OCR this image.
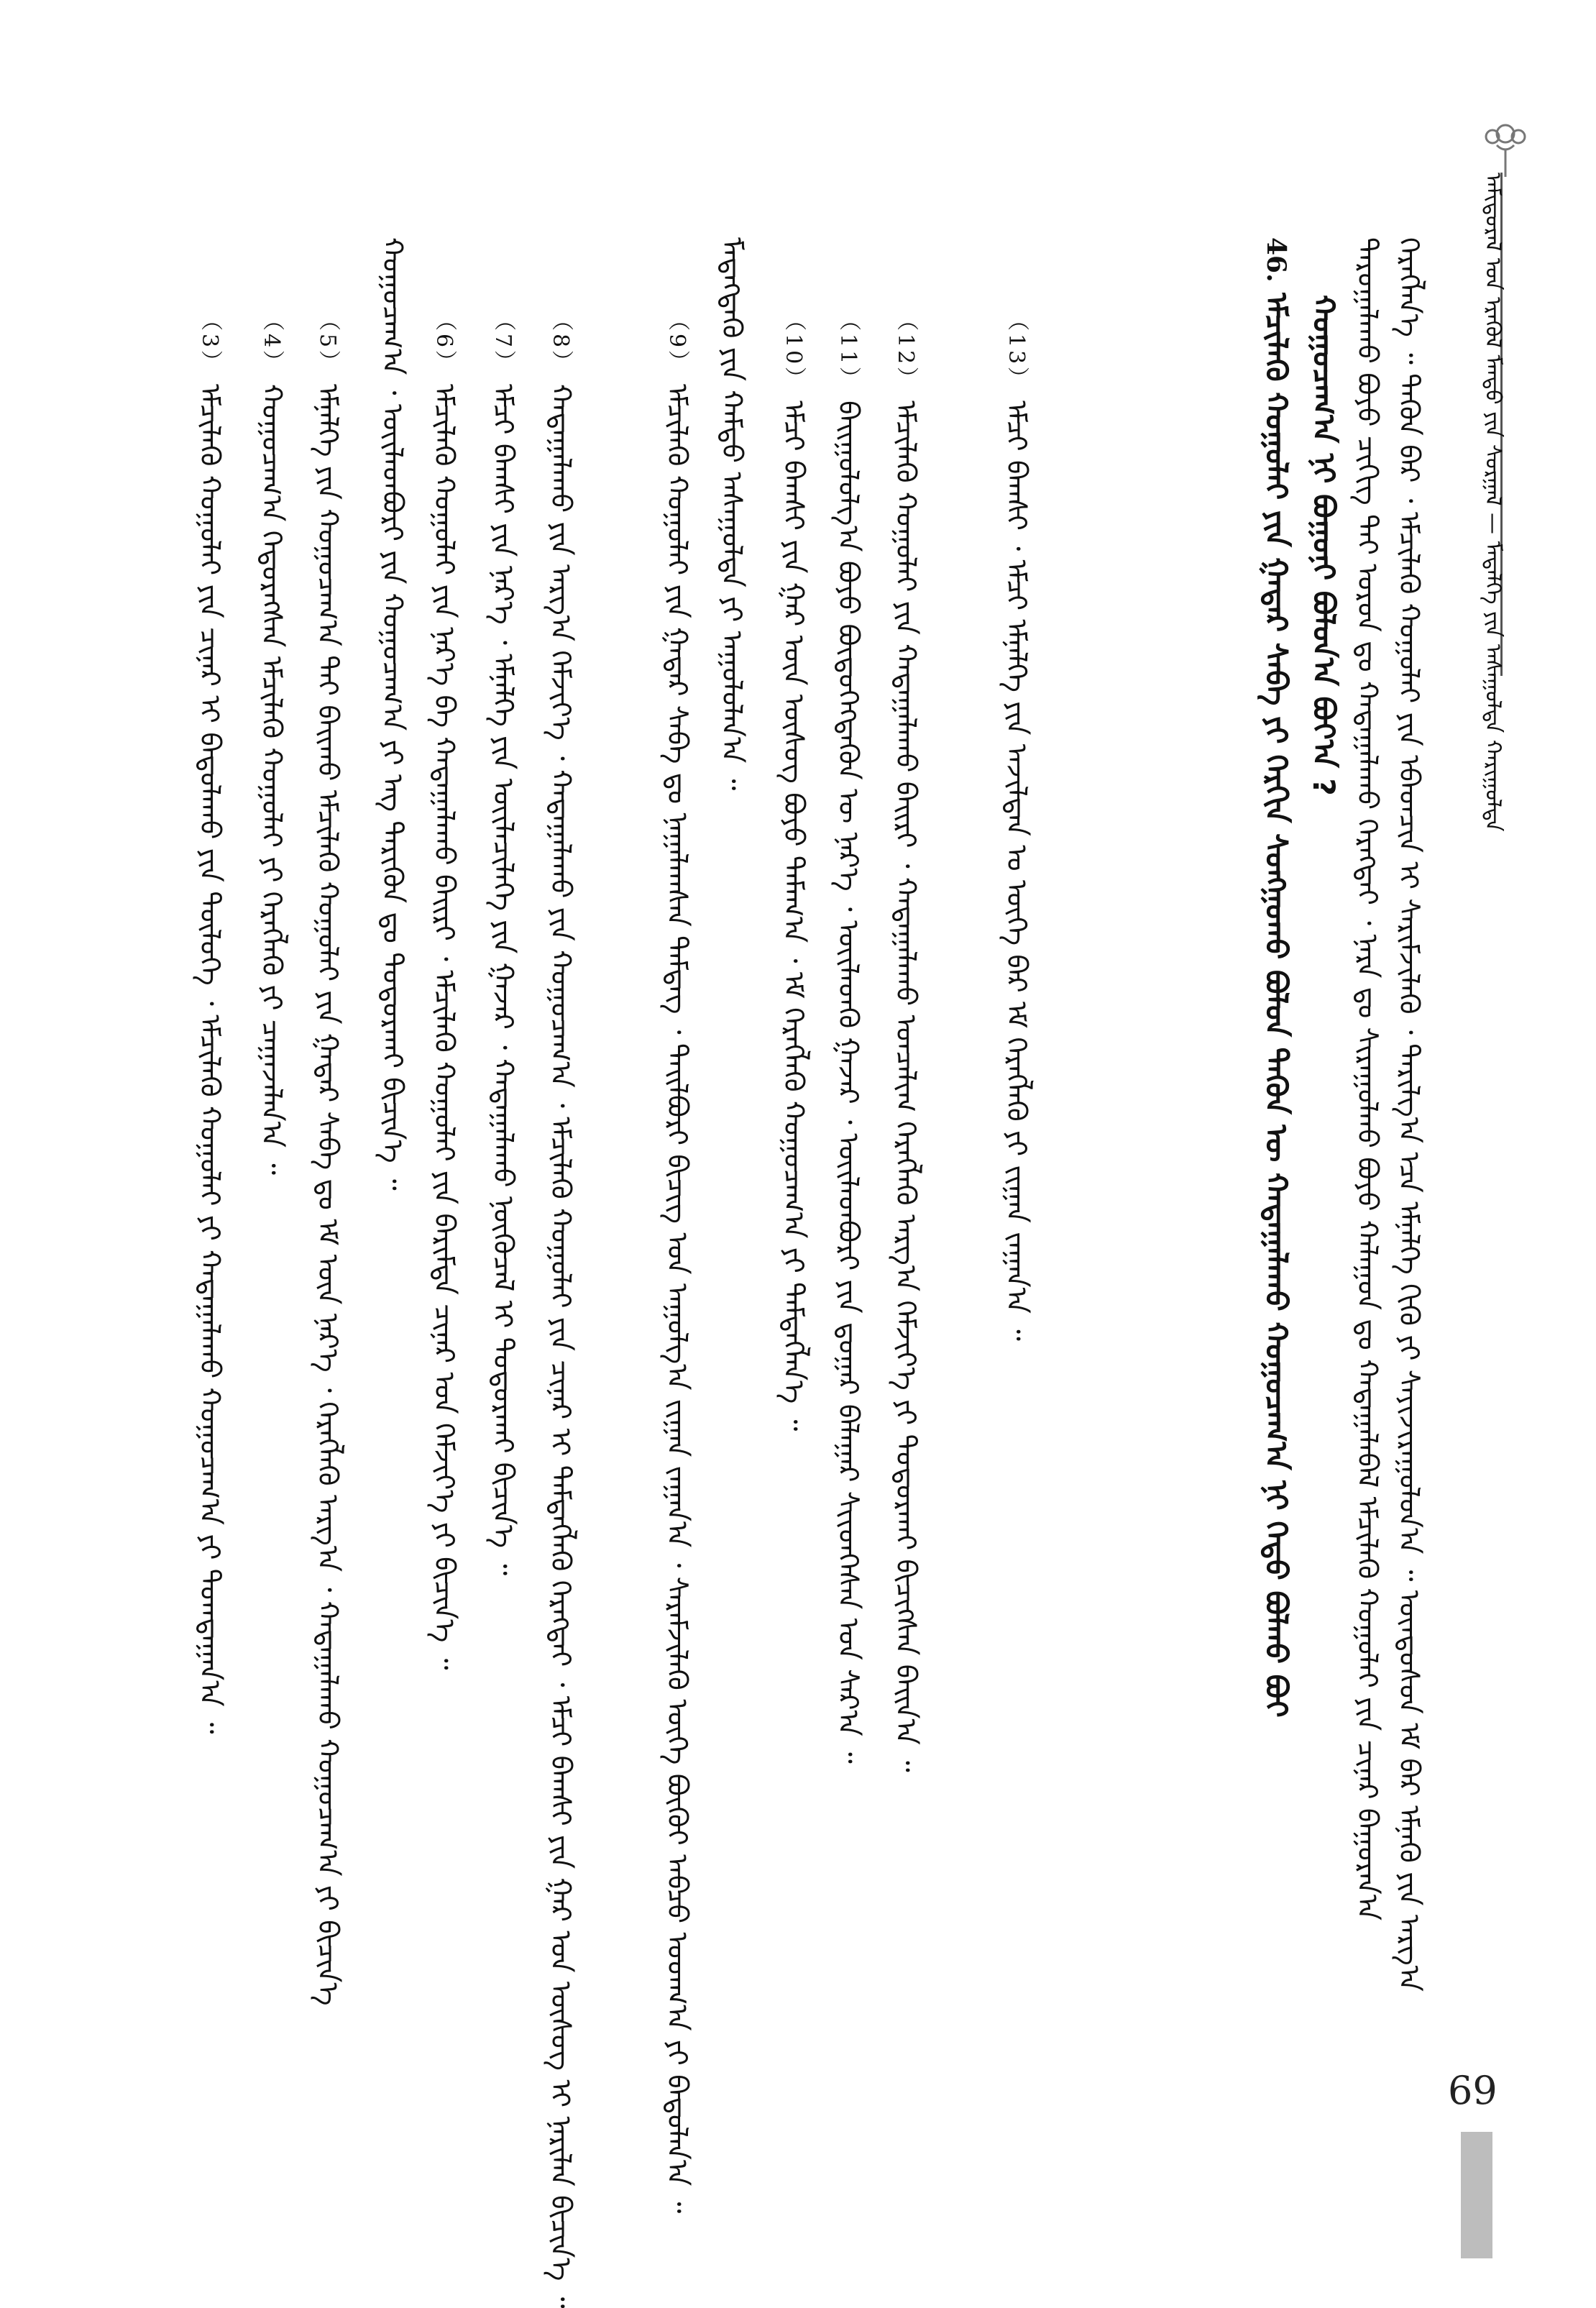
ᠠᠮᠢᠳᠤᠷᠠᠯ ᠤᠨ ᠡᠷᠡᠭᠦᠯ ᠮᠡᠨᠳᠦ ᠶᠢᠨ ᠰᠤᠷᠭᠠᠯ — ᠮᠡᠳᠡᠯᠭᠡ ᠶᠢᠨ ᠠᠰᠠᠭᠤᠯᠲᠠ ᠬᠠᠷᠢᠭᠤᠯᠲᠠ
ᠬᠡᠷᠡᠭᠯᠡᠨ᠎ᠡ ᠃ ᠲᠡᠭᠦᠨ ᠪᠡᠷ ᠂ ᠡᠮᠴᠢᠯᠡᠬᠦ ᠬᠤᠭᠤᠯᠠᠢ ᠶᠢᠨ ᠡᠪᠡᠳᠴᠢᠨ ᠢ ᠰᠡᠷᠢᠮᠵᠢᠯᠡᠬᠦ ᠂ ᠲᠠᠷᠢᠯᠭ᠎ᠠ ᠡᠴᠡ ᠡᠮᠨᠡᠯᠭᠡ ᠬᠢᠬᠦ ᠶᠢ ᠰᠠᠶᠢᠵᠢᠷᠠᠭᠤᠯᠤᠨ᠎ᠠ ᠃ ᠦᠨᠳᠦᠰᠦᠨ ᠡᠮ ᠪᠡᠷ ᠡᠮᠨᠡᠬᠦ ᠶᠢᠨ ᠠᠷᠭ᠎ᠠ
ᠳᠠᠷᠤᠭᠠᠯᠠᠬᠤ ᠪᠤᠶᠤ ᠴᠢᠭᠢᠭ ᠲᠠᠢ ᠤᠷᠤᠨ ᠳᠤ ᠬᠠᠳᠠᠭᠠᠯᠠᠬᠤ ᠬᠡᠷᠡᠭᠲᠡᠢ ᠂ ᠨᠠᠷᠠ ᠳᠤ ᠰᠢᠷᠠᠭᠤᠯᠬᠤ ᠪᠤᠶᠤ ᠬᠠᠯᠠᠭᠤᠨ ᠳᠤ ᠬᠠᠳᠠᠭᠠᠯᠠᠪᠠᠯ ᠡᠮᠴᠢᠯᠡᠬᠦ ᠬᠤᠭᠤᠯᠠᠢ ᠶᠢᠨ ᠴᠢᠨᠠᠷ ᠪᠠᠭᠤᠷᠠᠨ᠎ᠠ
ᠬᠤᠭᠤᠴᠠᠭ᠎ᠠ ᠨᠢ ᠪᠤᠭᠤᠨᠢ ᠪᠣᠯᠤᠨ᠎ᠠ ᠪᠣᠶ᠎ᠠ ?
46. ᠡᠮᠴᠢᠯᠡᠬᠦ ᠬᠤᠭᠤᠯᠠᠢ ᠶᠢᠨ ᠭᠠᠳᠠᠷ ᠰᠠᠪᠠ ᠶᠢ ᠬᠡᠷᠬᠢᠨ ᠰᠣᠩᠭᠤᠬᠤ ᠪᠤᠯᠤᠨ ᠲᠡᠭᠦᠨ ᠦ ᠬᠠᠳᠠᠭᠠᠯᠠᠬᠤ ᠬᠤᠭᠤᠴᠠᠭ᠎ᠠ ᠨᠢ ᠬᠡᠳᠦ ᠪᠣᠯᠬᠤ ᠪᠤᠢ
（13） ᠡᠮᠴᠢ ᠪᠠᠭᠰᠢ ᠂ ᠡᠮᠴᠢ ᠡᠮᠨᠡᠯᠭᠡ ᠶᠢᠨ ᠠᠵᠢᠯᠲᠠᠨ ᠤ ᠦᠭᠡ ᠪᠡᠷ ᠡᠮ ᠬᠡᠷᠡᠭᠯᠡᠬᠦ ᠶᠢ ᠵᠢᠭᠠᠨ ᠵᠠᠭᠠᠨ᠎ᠠ ᠃
（12） ᠡᠮᠴᠢᠯᠡᠬᠦ ᠬᠤᠭᠤᠯᠠᠢ ᠶᠢᠨ ᠬᠠᠳᠠᠭᠠᠯᠠᠬᠤ ᠪᠠᠢᠷᠢ ᠂ ᠬᠠᠳᠠᠭᠠᠯᠠᠬᠤ ᠣᠨᠴᠠᠯᠢᠭ ᠬᠡᠷᠡᠭᠯᠡᠬᠦ ᠠᠷᠭ᠎ᠠ ᠬᠡᠮᠵᠢᠶ᠎ᠡ ᠶᠢ ᠲᠣᠳᠣᠷᠬᠠᠢ ᠪᠢᠴᠢᠭᠰᠡᠨ ᠪᠠᠢᠨ᠎ᠠ ᠃
（11） ᠪᠠᠢᠭᠤᠯᠤᠯᠭ᠎ᠠ ᠪᠤᠶᠤ ᠪᠦᠲᠦᠭᠡᠭᠳᠡᠬᠦᠨ ᠦ ᠨᠡᠷ᠎ᠡ ᠂ ᠦᠢᠯᠡᠳᠬᠦ ᠭᠠᠵᠠᠷ ᠂ ᠦᠢᠯᠡᠳᠪᠦᠷᠢ ᠶᠢᠨ ᠳ᠋ᠤᠭᠠᠷ ᠪᠠᠯᠠᠭᠠᠷ ᠰᠢᠢᠳᠬᠡᠰᠡᠨ ᠣᠨ ᠰᠠᠷ᠎ᠠ ᠃
（10） ᠡᠮᠴᠢ ᠪᠠᠭᠰᠢ ᠶᠢᠨ ᠭᠠᠷ ᠦᠨ ᠦᠰᠦᠭ ᠪᠤᠶᠤ ᠲᠠᠮᠠᠭ᠎ᠠ ᠂ ᠡᠮ ᠬᠡᠷᠡᠭᠯᠡᠬᠦ ᠬᠤᠭᠤᠴᠠᠭ᠎ᠠ ᠶᠢ ᠲᠡᠮᠳᠡᠭᠯᠡᠨ᠎ᠡ ᠃
（9） ᠡᠮᠴᠢᠯᠡᠬᠦ ᠬᠤᠭᠤᠯᠠᠢ ᠶᠢᠨ ᠭᠠᠳᠠᠷ ᠰᠠᠪᠠ ᠳᠤ ᠨᠠᠭᠠᠯᠠᠭᠰᠠᠨ ᠲᠡᠮᠳᠡᠭ ᠂ ᠲᠠᠢᠯᠪᠤᠷᠢ ᠪᠢᠴᠢᠭ ᠤᠨ ᠠᠭᠤᠯᠭ᠎ᠠ ᠵᠢᠭᠠᠨ ᠵᠠᠭᠠᠨ᠎ᠠ ᠂ ᠰᠡᠷᠡᠮᠵᠢᠯᠡᠬᠦ ᠦᠭᠡ ᠪᠦᠬᠦᠢ ᠠᠪᠴᠤ ᠤᠳᠬ᠎ᠠ ᠶᠢ ᠪᠠᠲᠤᠯᠠᠨ᠎ᠠ ᠃ ᠮᠡᠳᠡᠭᠳᠡᠬᠦ ᠶᠢᠨ ᠬᠠᠮᠲᠤ ᠠᠰᠠᠭᠤᠯᠲᠠ ᠶᠢ ᠠᠭᠤᠯᠤᠯᠠᠨ᠎ᠠ ᠃
（8） ᠬᠠᠳᠠᠭᠠᠯᠠᠬᠤ ᠶᠢᠨ ᠠᠷᠭ᠎ᠠ ᠬᠡᠮᠵᠢᠶ᠎ᠡ ᠂ ᠬᠠᠳᠠᠭᠠᠯᠠᠬᠤ ᠶᠢᠨ ᠬᠤᠭᠤᠴᠠᠭ᠎ᠠ ᠂ ᠡᠮᠴᠢᠯᠡᠬᠦ ᠬᠤᠭᠤᠯᠠᠢ ᠶᠢᠨ ᠴᠢᠨᠠᠷ ᠢ ᠲᠡᠮᠳᠡᠭᠯᠡᠬᠦ ᠬᠡᠷᠡᠭᠲᠡᠢ ᠂ ᠡᠮᠴᠢ ᠪᠠᠭᠰᠢ ᠶᠢᠨ ᠭᠠᠷ ᠤᠨ ᠦᠰᠦᠭ ᠢ ᠨᠠᠷᠢᠯᠠᠨ ᠪᠢᠴᠢᠨ᠎ᠡ ᠃
（7） ᠡᠮᠴᠢ ᠪᠠᠭᠰᠢ ᠶᠢᠨ ᠨᠡᠷ᠎ᠡ ᠂ ᠡᠮᠨᠡᠯᠭᠡ ᠶᠢᠨ ᠦᠢᠯᠡᠴᠢᠯᠡᠭᠡ ᠶᠢᠨ ᠭᠠᠵᠠᠷ ᠂ ᠬᠠᠳᠠᠭᠠᠯᠠᠬᠤ ᠨᠦᠬᠦᠴᠡᠯ ᠢ ᠲᠣᠳᠣᠷᠬᠠᠢ ᠪᠢᠴᠢᠨ᠎ᠡ ᠃
（6） ᠡᠮᠴᠢᠯᠡᠬᠦ ᠬᠤᠭᠤᠯᠠᠢ ᠶᠢᠨ ᠨᠡᠷ᠎ᠡ ᠪᠠ ᠬᠠᠳᠠᠭᠠᠯᠠᠬᠤ ᠪᠠᠢᠷᠢ ᠂ ᠡᠮᠴᠢᠯᠡᠬᠦ ᠬᠤᠭᠤᠯᠠᠢ ᠶᠢᠨ ᠪᠠᠷᠢᠮᠲᠠ ᠴᠢᠨᠠᠷ ᠤᠨ ᠬᠡᠮᠵᠢᠶ᠎ᠡ ᠶᠢ ᠪᠢᠴᠢᠨ᠎ᠡ ᠃
ᠬᠤᠭᠤᠴᠠᠭ᠎ᠠ ᠂ ᠦᠢᠯᠡᠳᠪᠦᠷᠢ ᠶᠢᠨ ᠬᠤᠭᠤᠴᠠᠭ᠎ᠠ ᠶᠢ ᠡᠩ ᠲᠡᠷᠢᠭᠦᠨ ᠳᠤ ᠲᠣᠳᠣᠷᠬᠠᠢ ᠪᠢᠴᠢᠨ᠎ᠡ ᠃
（5） ᠡᠮᠨᠡᠯᠭᠡ ᠶᠢᠨ ᠬᠤᠭᠤᠴᠠᠭ᠎ᠠ ᠲᠡᠢ ᠪᠠᠢᠬᠤ ᠡᠮᠴᠢᠯᠡᠬᠦ ᠬᠤᠭᠤᠯᠠᠢ ᠶᠢᠨ ᠭᠠᠳᠠᠷ ᠰᠠᠪᠠ ᠳᠤ ᠡᠮ ᠦᠨ ᠨᠡᠷ᠎ᠡ ᠂ ᠬᠡᠷᠡᠭᠯᠡᠬᠦ ᠠᠷᠭ᠎ᠠ ᠂ ᠬᠠᠳᠠᠭᠠᠯᠠᠬᠤ ᠬᠤᠭᠤᠴᠠᠭ᠎ᠠ ᠶᠢ ᠪᠢᠴᠢᠨ᠎ᠡ
（4） ᠬᠤᠭᠤᠴᠠᠭ᠎ᠠ ᠬᠡᠲᠦᠷᠡᠭᠰᠡᠨ ᠡᠮᠴᠢᠯᠡᠬᠦ ᠬᠤᠭᠤᠯᠠᠢ ᠶᠢ ᠬᠡᠷᠡᠭᠯᠡᠬᠦ ᠶᠢ ᠴᠠᠭᠠᠵᠠᠯᠠᠨ᠎ᠠ ᠃
（3） ᠡᠮᠴᠢᠯᠡᠬᠦ ᠬᠤᠭᠤᠯᠠᠢ ᠶᠢᠨ ᠴᠢᠨᠠᠷ ᠢ ᠪᠠᠲᠤᠯᠠᠬᠤ ᠶᠢᠨ ᠲᠥᠯᠦᠭᠡ ᠂ ᠡᠮᠴᠢᠯᠡᠬᠦ ᠬᠤᠭᠤᠯᠠᠢ ᠶᠢ ᠬᠠᠳᠠᠭᠠᠯᠠᠬᠤ ᠬᠤᠭᠤᠴᠠᠭ᠎ᠠ ᠶᠢ ᠲᠣᠭᠲᠠᠭᠠᠨ᠎ᠠ ᠃
69
